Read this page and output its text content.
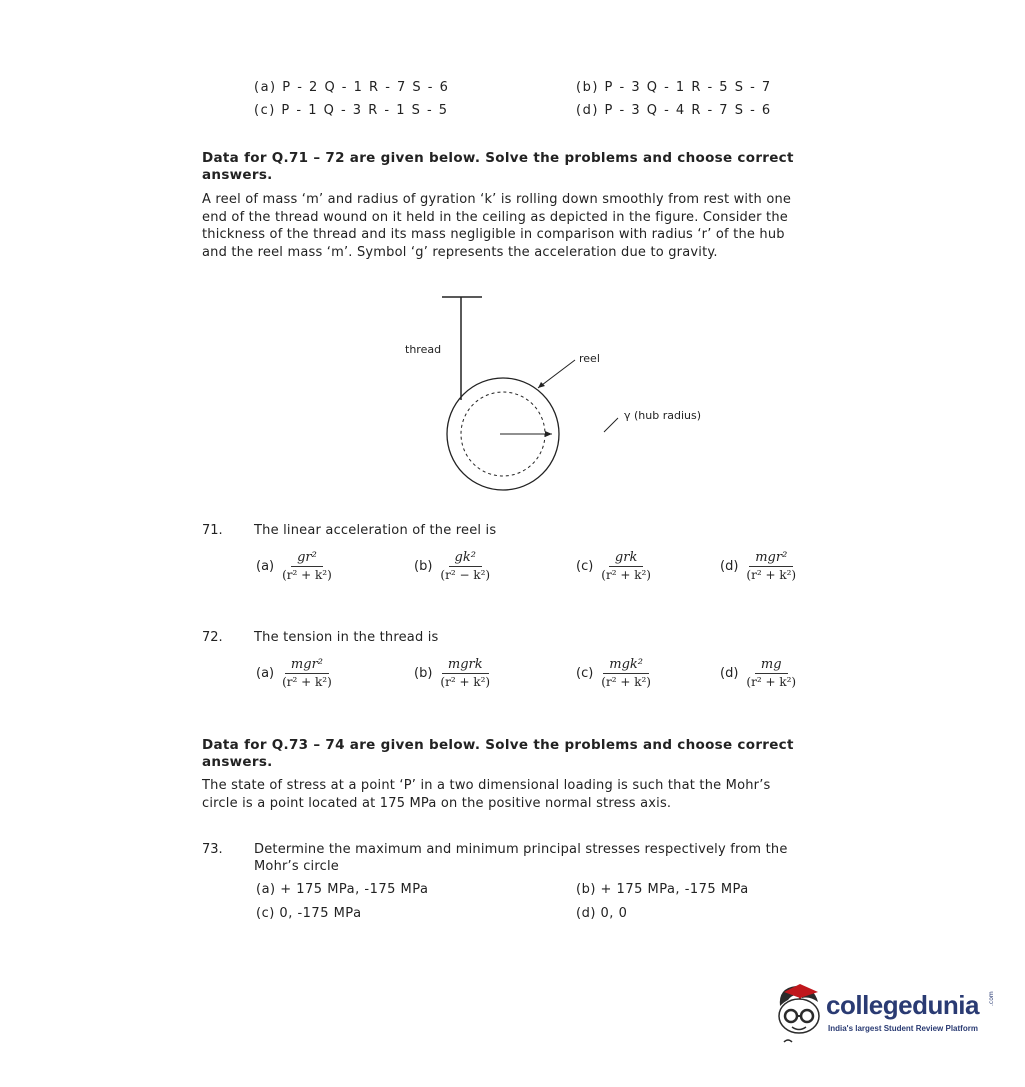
(a) P - 2 Q - 1 R - 7 S - 6	(b) P - 3 Q - 1 R - 5 S - 7
(c) P - 1 Q - 3 R - 1 S - 5	(d) P - 3 Q - 4 R - 7 S - 6
Data for Q.71 – 72 are given below. Solve the problems and choose correct
answers.
A reel of mass ‘m’ and radius of gyration ‘k’ is rolling down smoothly from rest with one
end of the thread wound on it held in the ceiling as depicted in the figure. Consider the
thickness of the thread and its mass negligible in comparison with radius ‘r’ of the hub
and the reel mass ‘m’. Symbol ‘g’ represents the acceleration due to gravity.
thread
reel
γ (hub radius)
71. The linear acceleration of the reel is
$(a) \frac{\text{gr²}}{\text{(r² + k²)}}$	$(b) \frac{\text{gk²}}{\text{(r² − k²)}}$	$(c) \frac{\text{grk}}{\text{(r² + k²)}}$	$(d) \frac{\text{mgr²}}{\text{(r² + k²)}}$
72. The tension in the thread is
$(a) \frac{\text{mgr²}}{\text{(r² + k²)}}$	$(b) \frac{\text{mgrk}}{\text{(r² + k²)}}$	$(c) \frac{\text{mgk²}}{\text{(r² + k²)}}$	$(d) \frac{mg}{\text{(r² + k²)}}$
Data for Q.73 – 74 are given below. Solve the problems and choose correct
answers.
The state of stress at a point ‘P’ in a two dimensional loading is such that the Mohr’s
circle is a point located at 175 MPa on the positive normal stress axis.
73. Determine the maximum and minimum principal stresses respectively from the
Mohr’s circle
(a) + 175 MPa, -175 MPa	(b) + 175 MPa, -175 MPa
(c) 0, -175 MPa	(d) 0, 0
collegedunia .com
India's largest Student Review Platform
